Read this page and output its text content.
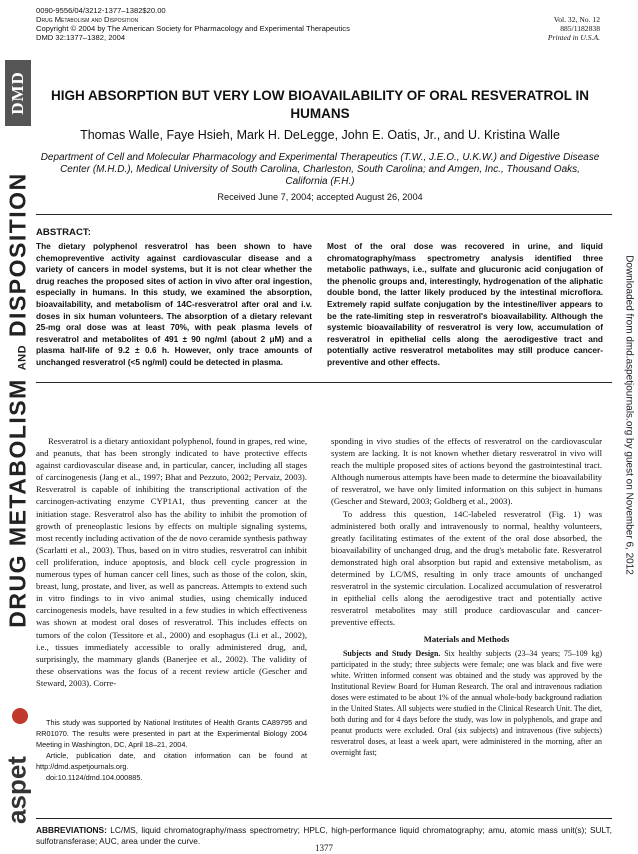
DMD
DRUG METABOLISM AND DISPOSITION
aspet
Downloaded from dmd.aspetjournals.org by guest on November 6, 2012
0090-9556/04/3212-1377–1382$20.00
Drug Metabolism and Disposition
Copyright © 2004 by The American Society for Pharmacology and Experimental Therapeutics
DMD 32:1377–1382, 2004
Vol. 32, No. 12
885/1182838
Printed in U.S.A.
HIGH ABSORPTION BUT VERY LOW BIOAVAILABILITY OF ORAL RESVERATROL IN HUMANS
Thomas Walle, Faye Hsieh, Mark H. DeLegge, John E. Oatis, Jr., and U. Kristina Walle
Department of Cell and Molecular Pharmacology and Experimental Therapeutics (T.W., J.E.O., U.K.W.) and Digestive Disease Center (M.H.D.), Medical University of South Carolina, Charleston, South Carolina; and Amgen, Inc., Thousand Oaks, California (F.H.)
Received June 7, 2004; accepted August 26, 2004
ABSTRACT:
The dietary polyphenol resveratrol has been shown to have chemopreventive activity against cardiovascular disease and a variety of cancers in model systems, but it is not clear whether the drug reaches the proposed sites of action in vivo after oral ingestion, especially in humans. In this study, we examined the absorption, bioavailability, and metabolism of 14C-resveratrol after oral and i.v. doses in six human volunteers. The absorption of a dietary relevant 25-mg oral dose was at least 70%, with peak plasma levels of resveratrol and metabolites of 491 ± 90 ng/ml (about 2 μM) and a plasma half-life of 9.2 ± 0.6 h. However, only trace amounts of unchanged resveratrol (<5 ng/ml) could be detected in plasma.
Most of the oral dose was recovered in urine, and liquid chromatography/mass spectrometry analysis identified three metabolic pathways, i.e., sulfate and glucuronic acid conjugation of the phenolic groups and, interestingly, hydrogenation of the aliphatic double bond, the latter likely produced by the intestinal microflora. Extremely rapid sulfate conjugation by the intestine/liver appears to be the rate-limiting step in resveratrol's bioavailability. Although the systemic bioavailability of resveratrol is very low, accumulation of resveratrol in epithelial cells along the aerodigestive tract and potentially active resveratrol metabolites may still produce cancer-preventive and other effects.

Resveratrol is a dietary antioxidant polyphenol, found in grapes, red wine, and peanuts, that has been strongly indicated to have protective effects against cardiovascular disease and, in particular, cancer, including all stages of carcinogenesis (Jang et al., 1997; Bhat and Pezzuto, 2002; Pervaiz, 2003). Resveratrol is capable of inhibiting the transcriptional activation of the carcinogen-activating enzyme CYP1A1, thus preventing cancer at the initiation stage. Resveratrol also has the ability to inhibit the promotion of growth of preneoplastic lesions by effects on multiple signaling systems, most recently including activation of the de novo ceramide synthesis pathway (Scarlatti et al., 2003). Thus, based on in vitro studies, resveratrol can inhibit cell proliferation, induce apoptosis, and block cell cycle progression in numerous types of human cancer cell lines, such as those of the colon, skin, breast, lung, prostate, and liver, as well as pancreas. Attempts to extend such in vitro findings to in vivo animal studies, using chemically induced carcinogenesis models, have resulted in a few studies in which effectiveness was shown at modest oral doses of resveratrol. This includes effects on tumors of the colon (Tessitore et al., 2000) and esophagus (Li et al., 2002), i.e., tissues immediately accessible to orally administered drug, and, surprisingly, the mammary glands (Banerjee et al., 2002). The validity of these observations was the focus of a recent review article (Gescher and Steward, 2003). Corre-

sponding in vivo studies of the effects of resveratrol on the cardiovascular system are lacking. It is not known whether dietary resveratrol in vivo will reach the multiple proposed sites of actions beyond the gastrointestinal tract. Although numerous attempts have been made to determine the bioavailability of resveratrol, we have only limited information on this subject in humans (Gescher and Steward, 2003; Goldberg et al., 2003).

To address this question, 14C-labeled resveratrol (Fig. 1) was administered both orally and intravenously to normal, healthy volunteers, greatly facilitating estimates of the extent of the oral dose absorbed, the bioavailability of unchanged drug, and the drug's metabolic fate. Resveratrol demonstrated high oral absorption but rapid and extensive metabolism, as determined by LC/MS, resulting in only trace amounts of unchanged resveratrol in the systemic circulation. Localized accumulation of resveratrol in epithelial cells along the aerodigestive tract and potentially active resveratrol metabolites may still produce cardiovascular and cancer-preventive effects.

Materials and Methods

Subjects and Study Design. Six healthy subjects (23–34 years; 75–109 kg) participated in the study; three subjects were female; one was black and five were white. Written informed consent was obtained and the study was approved by the Institutional Review Board for Human Research. The oral and intravenous radiation doses were estimated to be about 1% of the annual whole-body background radiation in the United States. All subjects were studied in the Clinical Research Unit. The diet, both during and for 4 days before the study, was low in polyphenols, and grape and peanut products were excluded. Oral (six subjects) and intravenous (five subjects) resveratrol doses, at least a week apart, were administered in the morning, after an overnight fast;

This study was supported by National Institutes of Health Grants CA89795 and RR01070. The results were presented in part at the Experimental Biology 2004 Meeting in Washington, DC, April 18–21, 2004.

Article, publication date, and citation information can be found at http://dmd.aspetjournals.org.

doi:10.1124/dmd.104.000885.

ABBREVIATIONS: LC/MS, liquid chromatography/mass spectrometry; HPLC, high-performance liquid chromatography; amu, atomic mass unit(s); SULT, sulfotransferase; AUC, area under the curve.
1377
